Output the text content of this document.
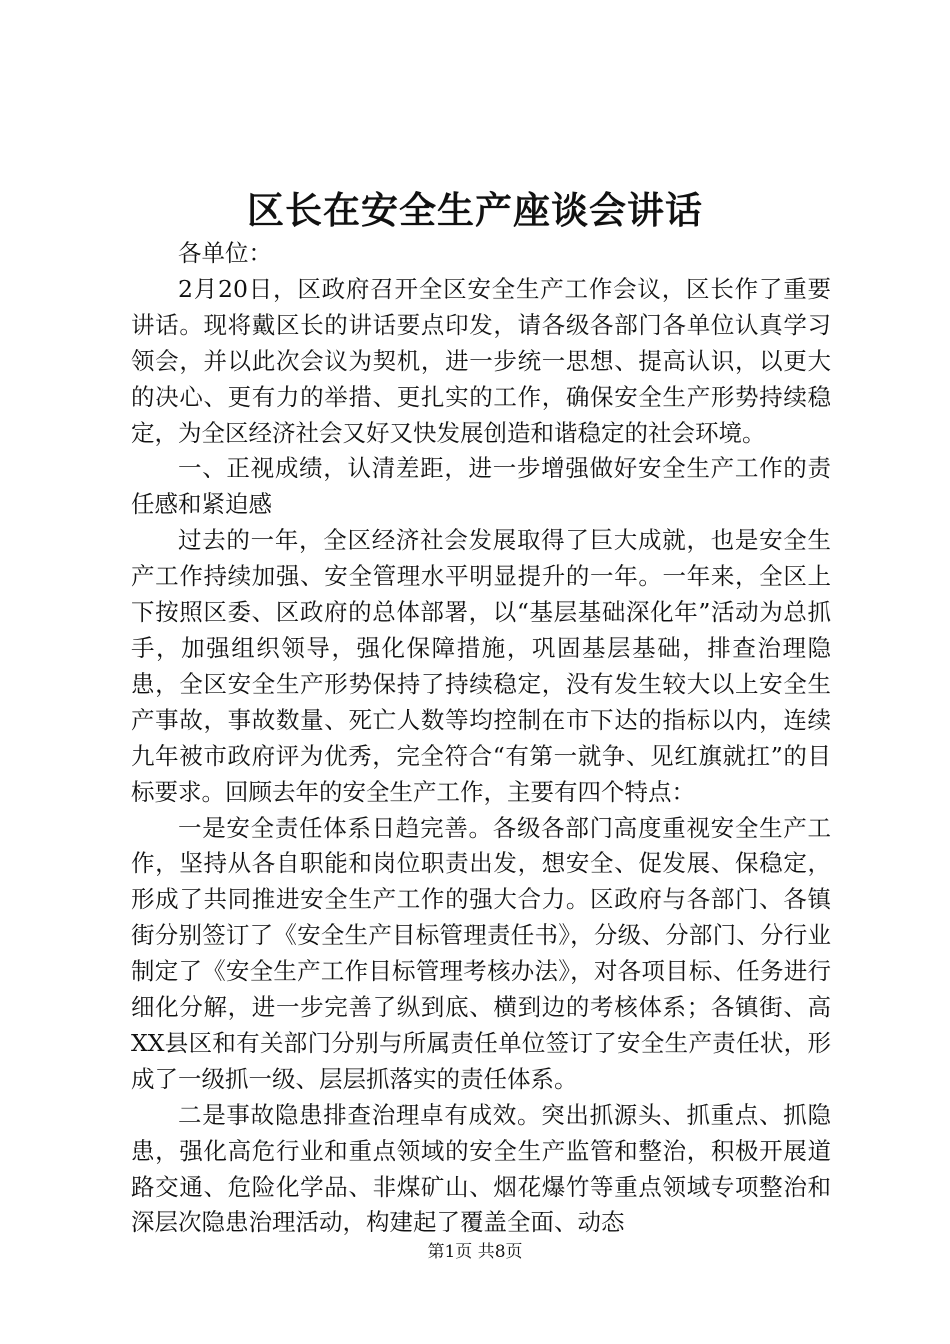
区长在安全生产座谈会讲话

各单位：

2月20日，区政府召开全区安全生产工作会议，区长作了重要讲话。现将戴区长的讲话要点印发，请各级各部门各单位认真学习领会，并以此次会议为契机，进一步统一思想、提高认识，以更大的决心、更有力的举措、更扎实的工作，确保安全生产形势持续稳定，为全区经济社会又好又快发展创造和谐稳定的社会环境。

一、正视成绩，认清差距，进一步增强做好安全生产工作的责任感和紧迫感

过去的一年，全区经济社会发展取得了巨大成就，也是安全生产工作持续加强、安全管理水平明显提升的一年。一年来，全区上下按照区委、区政府的总体部署，以“基层基础深化年”活动为总抓手，加强组织领导，强化保障措施，巩固基层基础，排查治理隐患，全区安全生产形势保持了持续稳定，没有发生较大以上安全生产事故，事故数量、死亡人数等均控制在市下达的指标以内，连续九年被市政府评为优秀，完全符合“有第一就争、见红旗就扛”的目标要求。回顾去年的安全生产工作，主要有四个特点：

一是安全责任体系日趋完善。各级各部门高度重视安全生产工作，坚持从各自职能和岗位职责出发，想安全、促发展、保稳定，形成了共同推进安全生产工作的强大合力。区政府与各部门、各镇街分别签订了《安全生产目标管理责任书》，分级、分部门、分行业制定了《安全生产工作目标管理考核办法》，对各项目标、任务进行细化分解，进一步完善了纵到底、横到边的考核体系；各镇街、高XX县区和有关部门分别与所属责任单位签订了安全生产责任状，形成了一级抓一级、层层抓落实的责任体系。

二是事故隐患排查治理卓有成效。突出抓源头、抓重点、抓隐患，强化高危行业和重点领域的安全生产监管和整治，积极开展道路交通、危险化学品、非煤矿山、烟花爆竹等重点领域专项整治和深层次隐患治理活动，构建起了覆盖全面、动态

第1页 共8页
